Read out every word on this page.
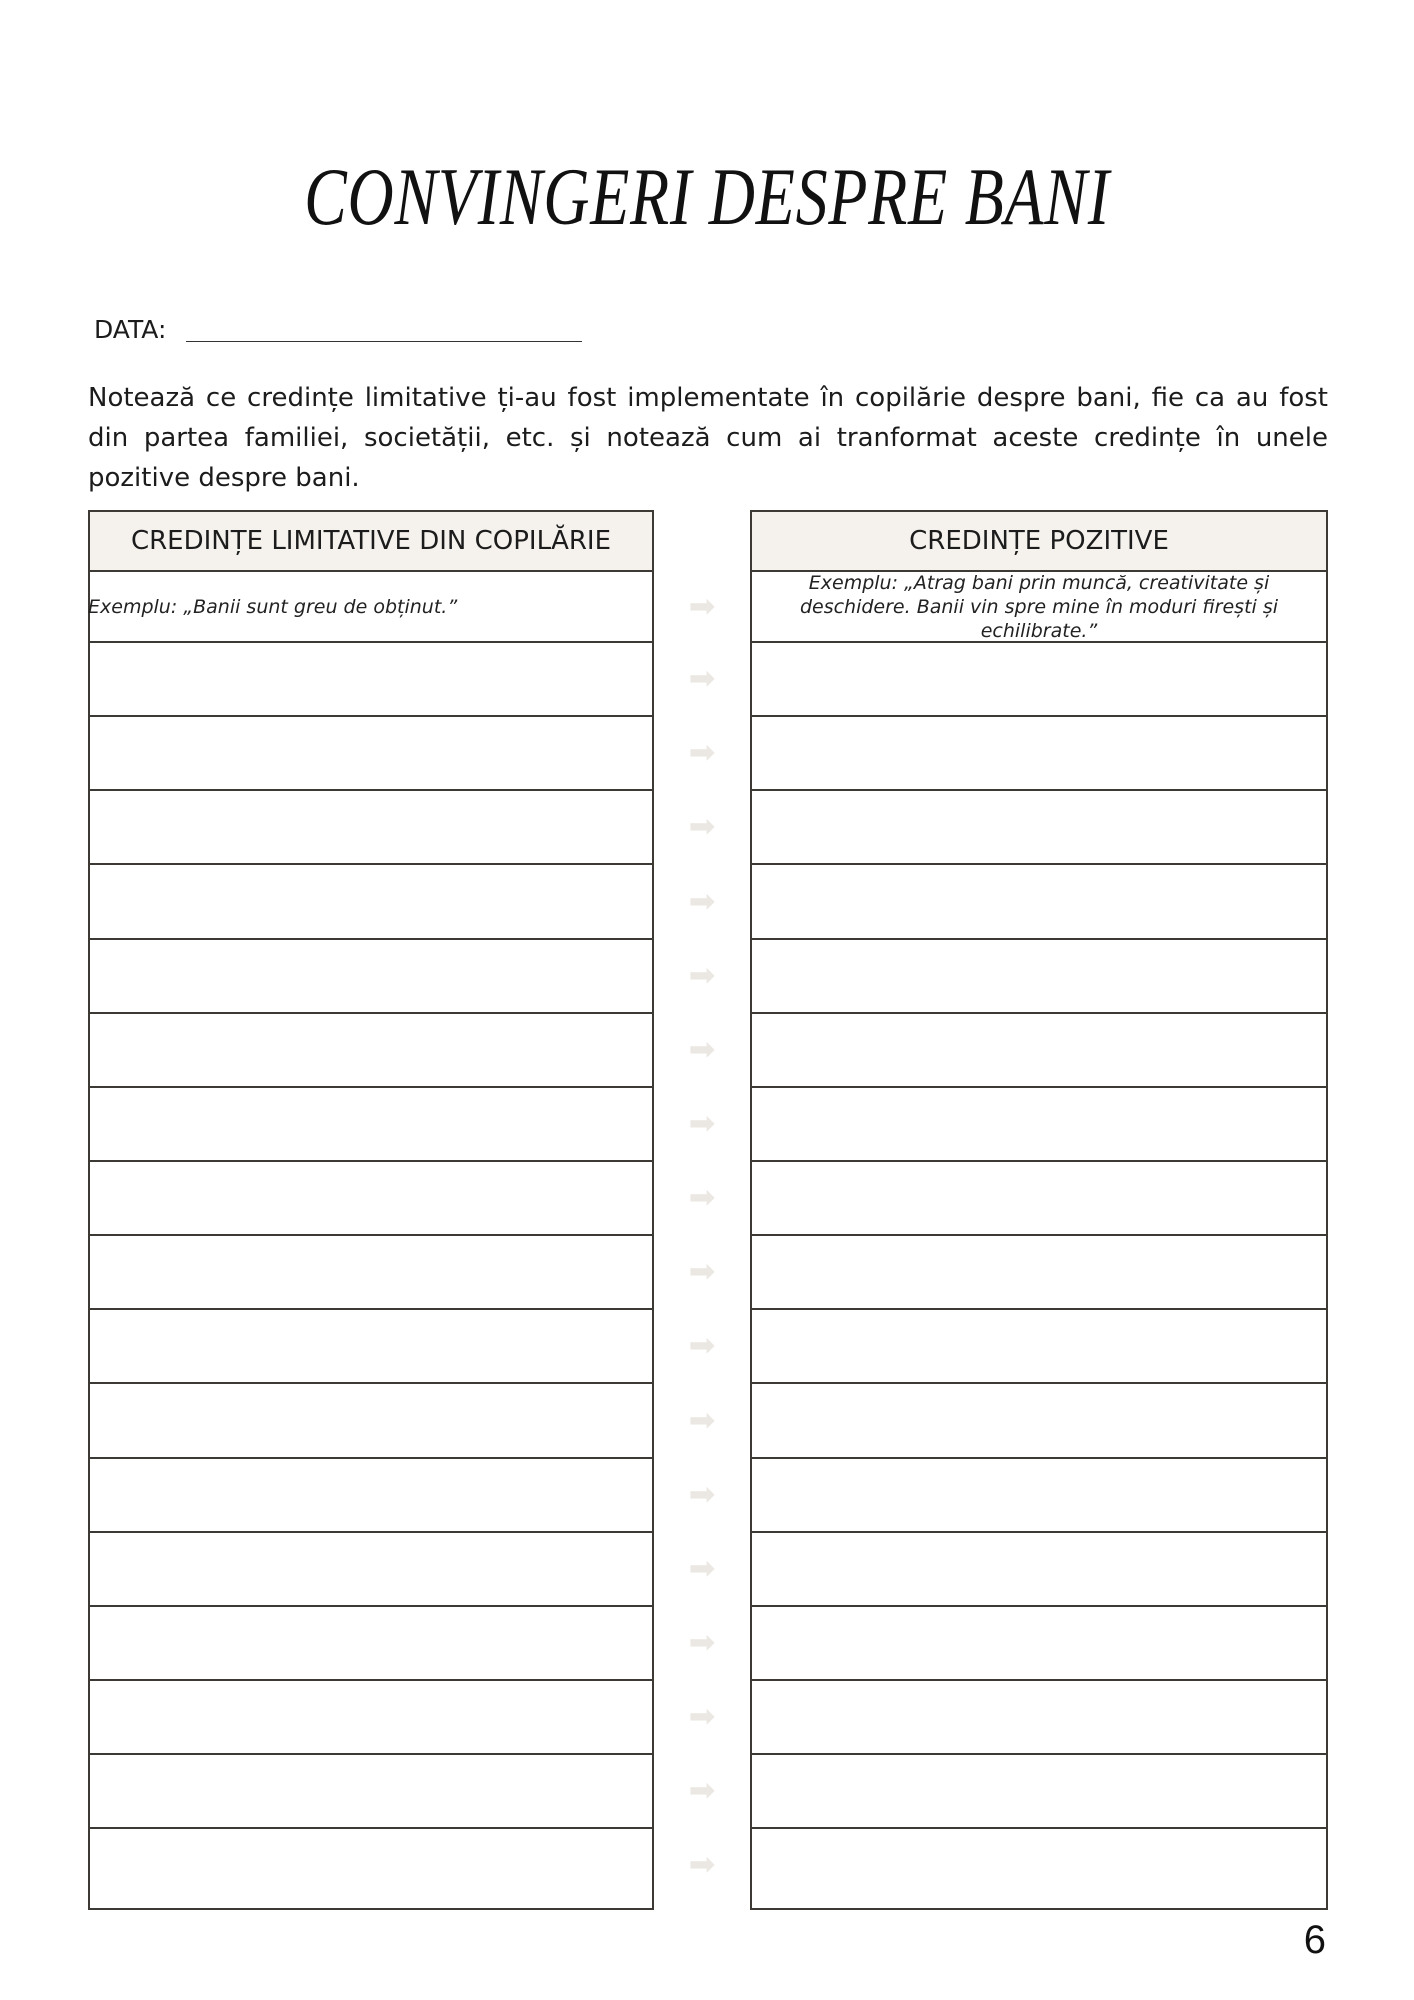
CONVINGERI DESPRE BANI
DATA:

Notează ce credințe limitative ți-au fost implementate în copilărie despre bani, fie ca au fost din partea familiei, societății, etc. și notează cum ai tranformat aceste credințe în unele pozitive despre bani.

CREDINȚE LIMITATIVE DIN COPILĂRIE
Exemplu: „Banii sunt greu de obținut.”	➡
➡
➡
➡
➡
➡
➡
➡
➡
➡
➡
➡
➡
➡
➡
➡
➡
➡
CREDINȚE POZITIVE
Exemplu: „Atrag bani prin muncă, creativitate și deschidere. Banii vin spre mine în moduri firești și echilibrate.”
6
